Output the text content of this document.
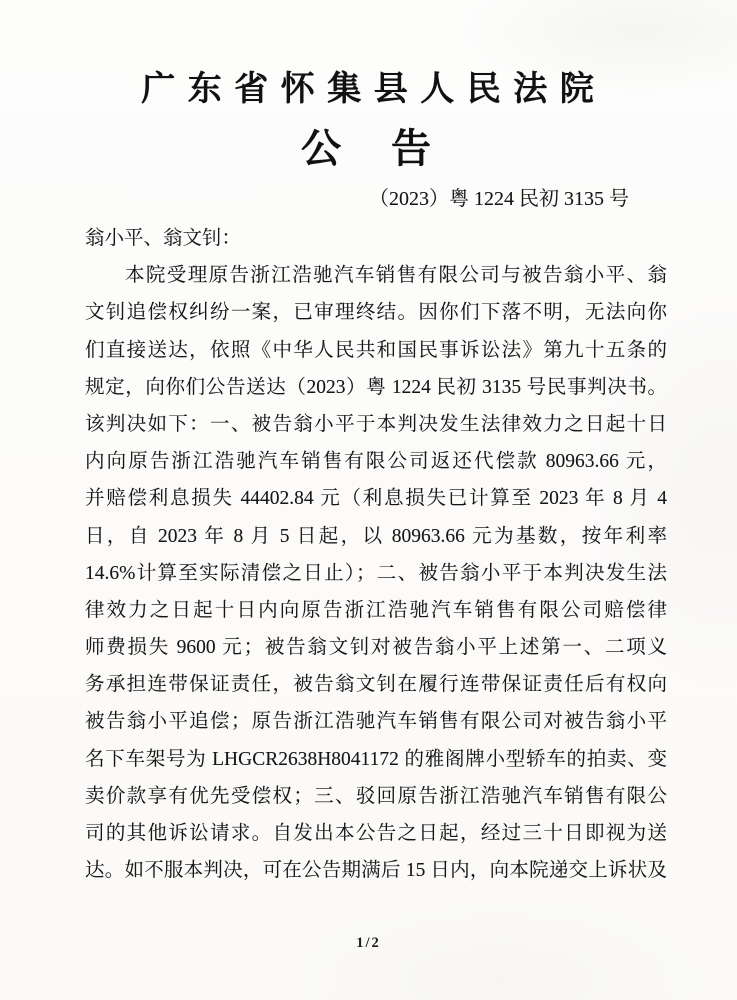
广 东 省 怀 集 县 人 民 法 院
公　告
（2023）粤 1224 民初 3135 号
翁小平、翁文钊：
本院受理原告浙江浩驰汽车销售有限公司与被告翁小平、翁
文钊追偿权纠纷一案，已审理终结。因你们下落不明，无法向你
们直接送达，依照《中华人民共和国民事诉讼法》第九十五条的
规定，向你们公告送达（2023）粤 1224 民初 3135 号民事判决书。
该判决如下：一、被告翁小平于本判决发生法律效力之日起十日
内向原告浙江浩驰汽车销售有限公司返还代偿款 80963.66 元，
并赔偿利息损失 44402.84 元（利息损失已计算至 2023 年 8 月 4
日，自 2023 年 8 月 5 日起，以 80963.66 元为基数，按年利率
14.6%计算至实际清偿之日止）；二、被告翁小平于本判决发生法
律效力之日起十日内向原告浙江浩驰汽车销售有限公司赔偿律
师费损失 9600 元；被告翁文钊对被告翁小平上述第一、二项义
务承担连带保证责任，被告翁文钊在履行连带保证责任后有权向
被告翁小平追偿；原告浙江浩驰汽车销售有限公司对被告翁小平
名下车架号为 LHGCR2638H8041172 的雅阁牌小型轿车的拍卖、变
卖价款享有优先受偿权；三、驳回原告浙江浩驰汽车销售有限公
司的其他诉讼请求。自发出本公告之日起，经过三十日即视为送
达。如不服本判决，可在公告期满后 15 日内，向本院递交上诉状及
1/2
